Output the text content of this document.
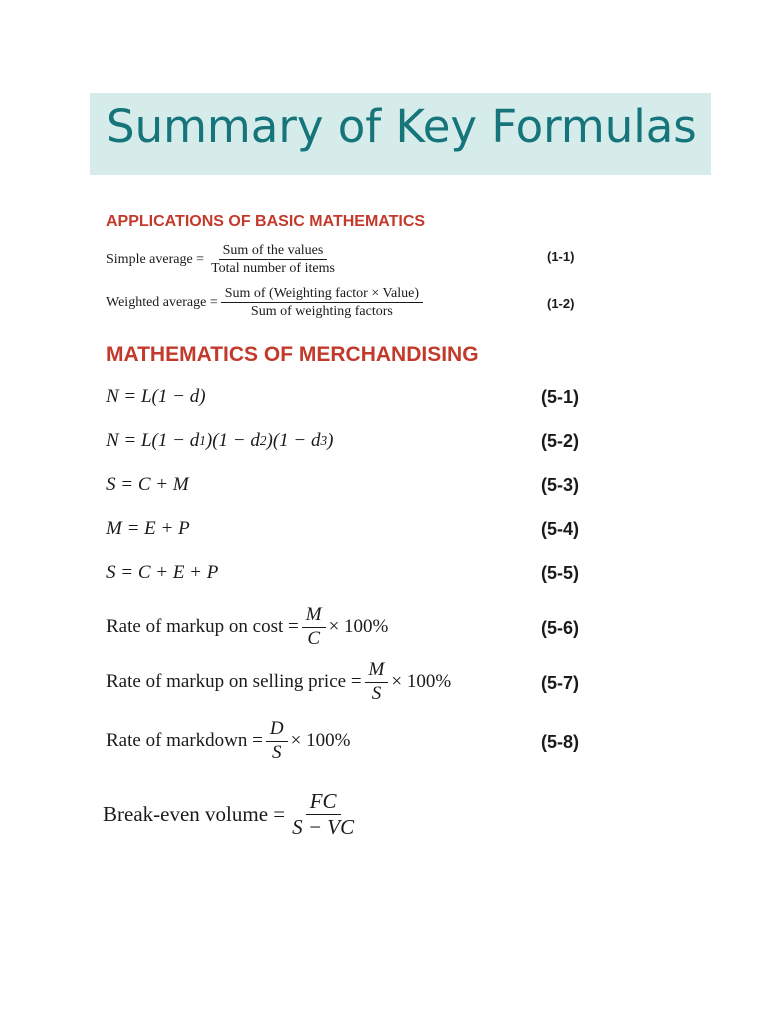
Summary of Key Formulas
APPLICATIONS OF BASIC MATHEMATICS
Simple average = $\frac{\text{Sum of the values}}{\text{Total number of items}}$	(1-1)
Weighted average = $\frac{\text{Sum of (Weighting factor × Value)}}{\text{Sum of weighting factors}}$	(1-2)
MATHEMATICS OF MERCHANDISING
N = L(1 − d)	(5-1)
N = L(1 − d 1 )(1 − d 2 )(1 − d 3 )	(5-2)
S = C + M	(5-3)
M = E + P	(5-4)
S = C + E + P	(5-5)
Rate of markup on $\cos t = \frac{M}{C} \times 100\%$	(5-6)
Rate of markup on selling price = $\frac{M}{S} \times 100\%$	(5-7)
Rate of markdown = $\frac{D}{S} \times 100\%$	(5-8)
Break-even volume = $\frac{FC}{S - VC}$
